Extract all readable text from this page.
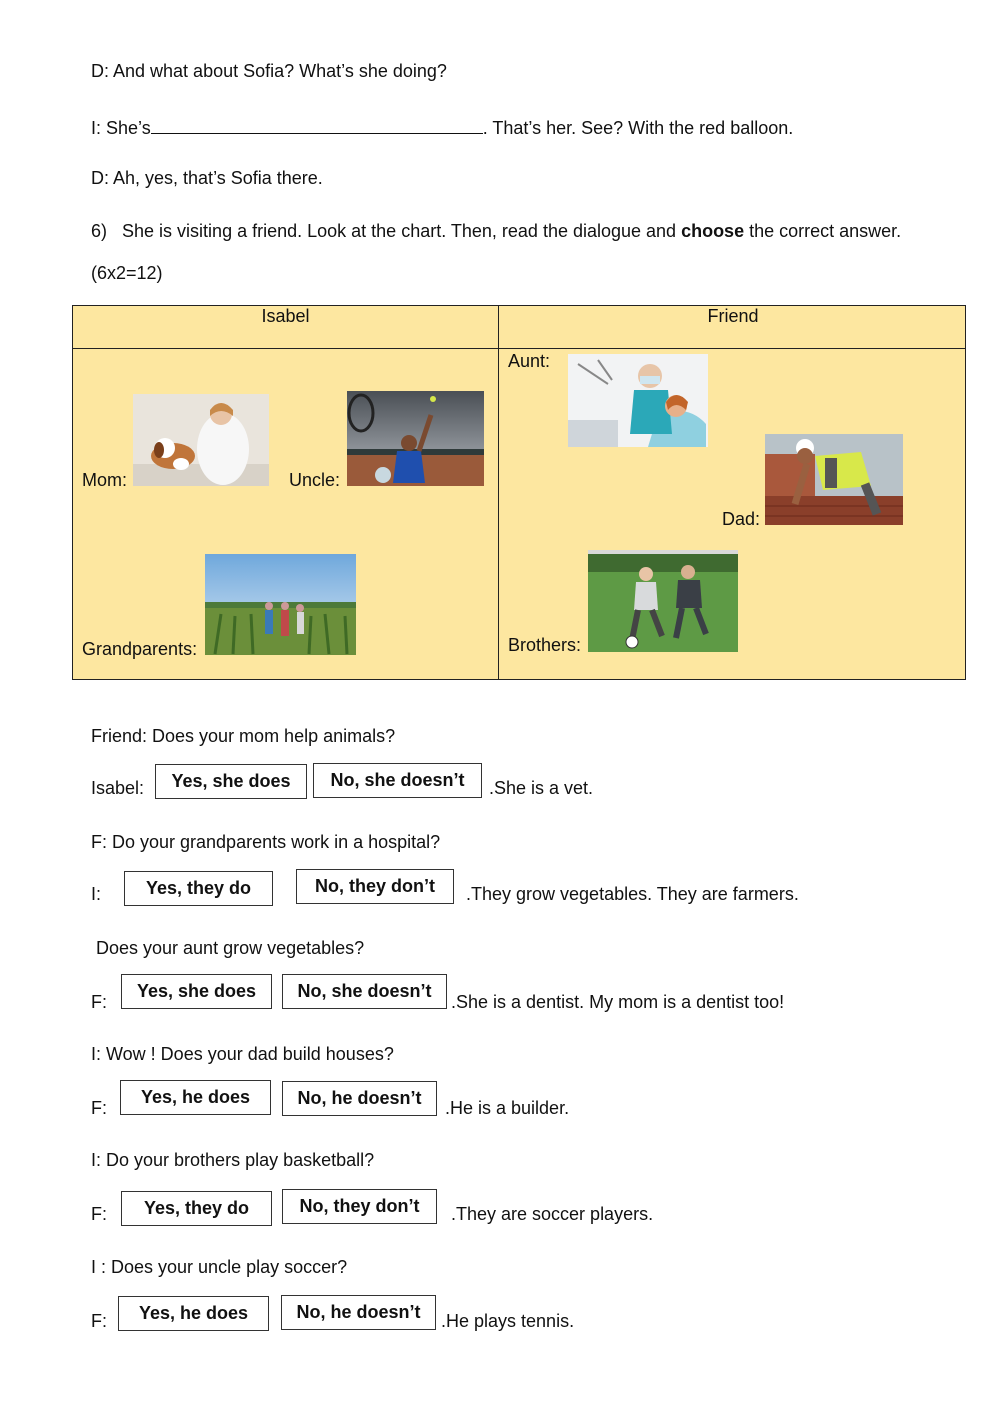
D: And what about Sofia? What’s she doing?
I: She’s	. That’s her. See? With the red balloon.
D: Ah, yes, that’s Sofia there.
6) She is visiting a friend. Look at the chart. Then, read the dialogue and choose the correct answer.
(6x2=12)
Isabel	Friend
Mom:	Uncle:
Grandparents:
Aunt:
Dad:
Brothers:
Friend: Does your mom help animals?
Isabel:	Yes, she does	No, she doesn’t	.She is a vet.
F: Do your grandparents work in a hospital?
I:	Yes, they do	No, they don’t	.They grow vegetables. They are farmers.
Does your aunt grow vegetables?
F:
Yes, she does	No, she doesn’t
.She is a dentist. My mom is a dentist too!
I: Wow ! Does your dad build houses?
F:
Yes, he does	No, he doesn’t	.He is a builder.
I: Do your brothers play basketball?
F:	Yes, they do	No, they don’t	.They are soccer players.
I : Does your uncle play soccer?
F:	Yes, he does	No, he doesn’t	.He plays tennis.
